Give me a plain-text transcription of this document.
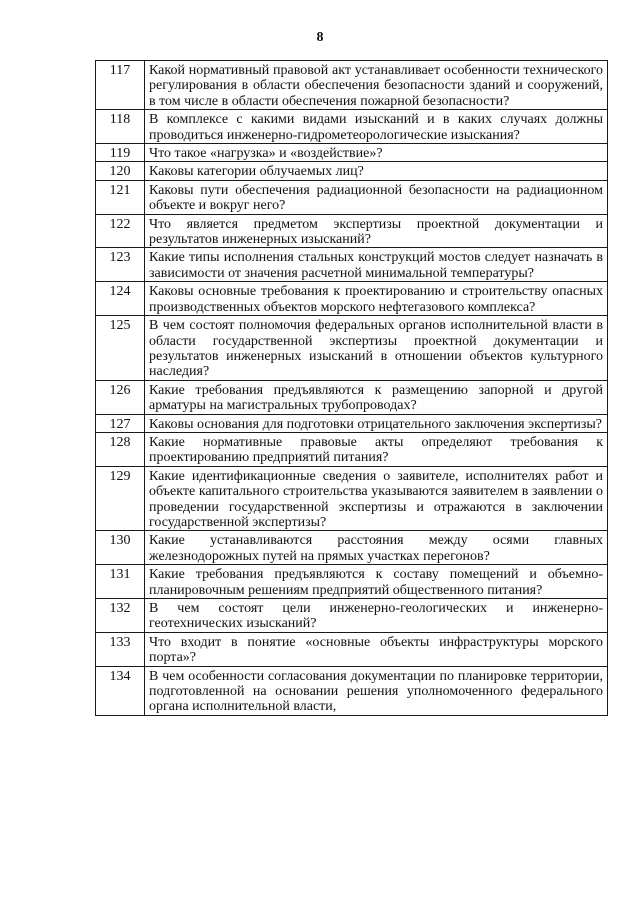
8
117	Какой нормативный правовой акт устанавливает особенности технического регулирования в области обеспечения безопасности зданий и сооружений, в том числе в области обеспечения пожарной безопасности?
118	В комплексе с какими видами изысканий и в каких случаях должны проводиться инженерно-гидрометеорологические изыскания?
119	Что такое «нагрузка» и «воздействие»?
120	Каковы категории облучаемых лиц?
121	Каковы пути обеспечения радиационной безопасности на радиационном объекте и вокруг него?
122	Что является предметом экспертизы проектной документации и результатов инженерных изысканий?
123	Какие типы исполнения стальных конструкций мостов следует назначать в зависимости от значения расчетной минимальной температуры?
124	Каковы основные требования к проектированию и строительству опасных производственных объектов морского нефтегазового комплекса?
125	В чем состоят полномочия федеральных органов исполнительной власти в области государственной экспертизы проектной документации и результатов инженерных изысканий в отношении объектов культурного наследия?
126	Какие требования предъявляются к размещению запорной и другой арматуры на магистральных трубопроводах?
127	Каковы основания для подготовки отрицательного заключения экспертизы?
128	Какие нормативные правовые акты определяют требования к проектированию предприятий питания?
129	Какие идентификационные сведения о заявителе, исполнителях работ и объекте капитального строительства указываются заявителем в заявлении о проведении государственной экспертизы и отражаются в заключении государственной экспертизы?
130	Какие устанавливаются расстояния между осями главных железнодорожных путей на прямых участках перегонов?
131	Какие требования предъявляются к составу помещений и объемно-планировочным решениям предприятий общественного питания?
132	В чем состоят цели инженерно-геологических и инженерно-геотехнических изысканий?
133	Что входит в понятие «основные объекты инфраструктуры морского порта»?
134	В чем особенности согласования документации по планировке территории, подготовленной на основании решения уполномоченного федерального органа исполнительной власти,
